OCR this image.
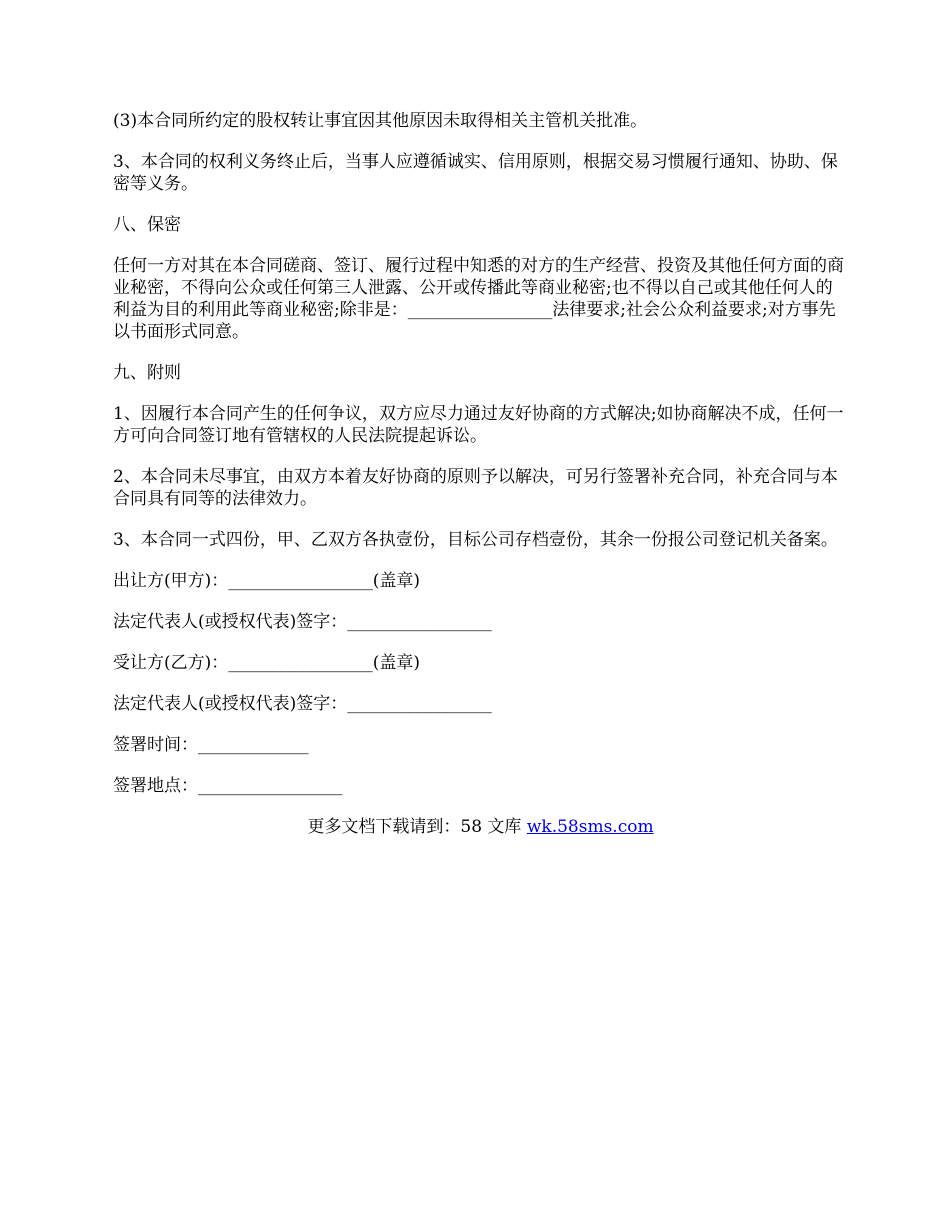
(3)本合同所约定的股权转让事宜因其他原因未取得相关主管机关批准。

3、本合同的权利义务终止后，当事人应遵循诚实、信用原则，根据交易习惯履行通知、协助、保密等义务。

八、保密

任何一方对其在本合同磋商、签订、履行过程中知悉的对方的生产经营、投资及其他任何方面的商业秘密，不得向公众或任何第三人泄露、公开或传播此等商业秘密;也不得以自己或其他任何人的利益为目的利用此等商业秘密;除非是：_________________法律要求;社会公众利益要求;对方事先以书面形式同意。

九、附则

1、因履行本合同产生的任何争议，双方应尽力通过友好协商的方式解决;如协商解决不成，任何一方可向合同签订地有管辖权的人民法院提起诉讼。

2、本合同未尽事宜，由双方本着友好协商的原则予以解决，可另行签署补充合同，补充合同与本合同具有同等的法律效力。

3、本合同一式四份，甲、乙双方各执壹份，目标公司存档壹份，其余一份报公司登记机关备案。

出让方(甲方)：_________________(盖章)

法定代表人(或授权代表)签字：_________________

受让方(乙方)：_________________(盖章)

法定代表人(或授权代表)签字：_________________

签署时间：_____________

签署地点：_________________

更多文档下载请到：58 文库 wk.58sms.com
